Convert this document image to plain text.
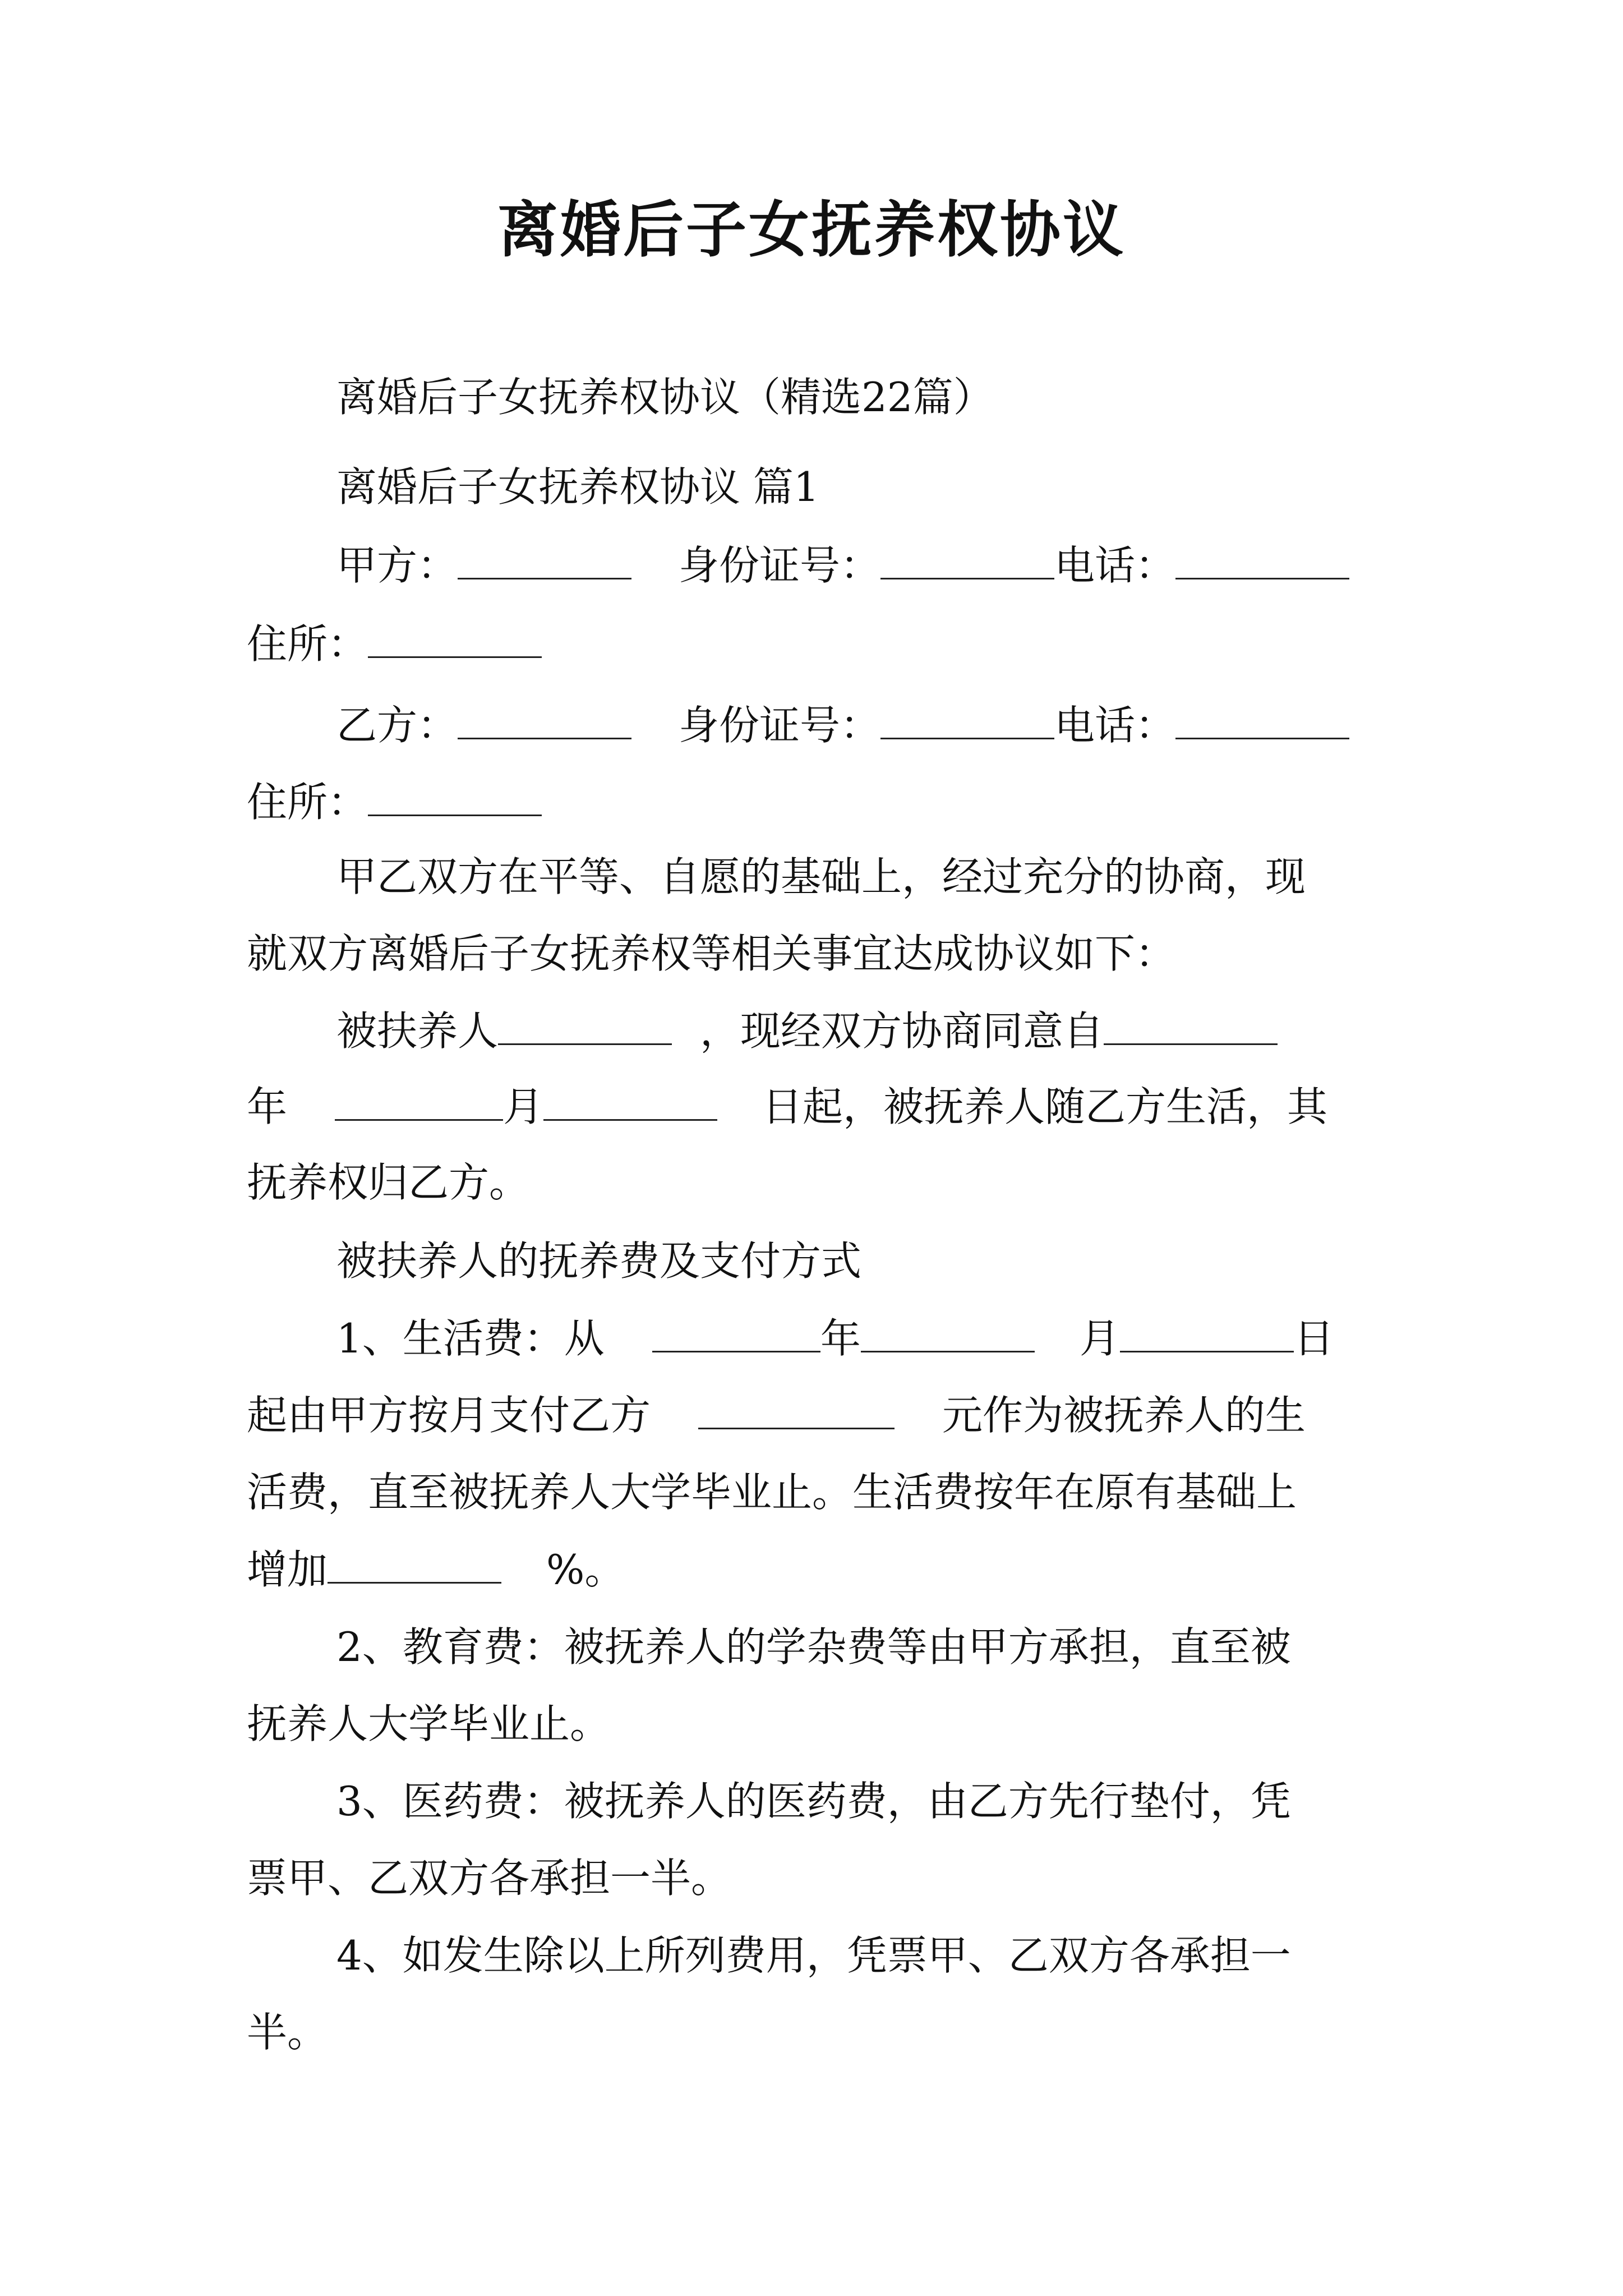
离婚后子女抚养权协议
离婚后子女抚养权协议（精选22篇）
离婚后子女抚养权协议 篇1
甲方：	身份证号：	电话：
住所：
乙方：	身份证号：	电话：
住所：
甲乙双方在平等、自愿的基础上，经过充分的协商，现
就双方离婚后子女抚养权等相关事宜达成协议如下：
被扶养人	，现经双方协商同意自
年	月	日起，被抚养人随乙方生活，其
抚养权归乙方。
被扶养人的抚养费及支付方式
1、生活费：从	年	月	日
起由甲方按月支付乙方	元作为被抚养人的生
活费，直至被抚养人大学毕业止。生活费按年在原有基础上
增加	%。
2、教育费：被抚养人的学杂费等由甲方承担，直至被
抚养人大学毕业止。
3、医药费：被抚养人的医药费，由乙方先行垫付，凭
票甲、乙双方各承担一半。
4、如发生除以上所列费用，凭票甲、乙双方各承担一
半。
